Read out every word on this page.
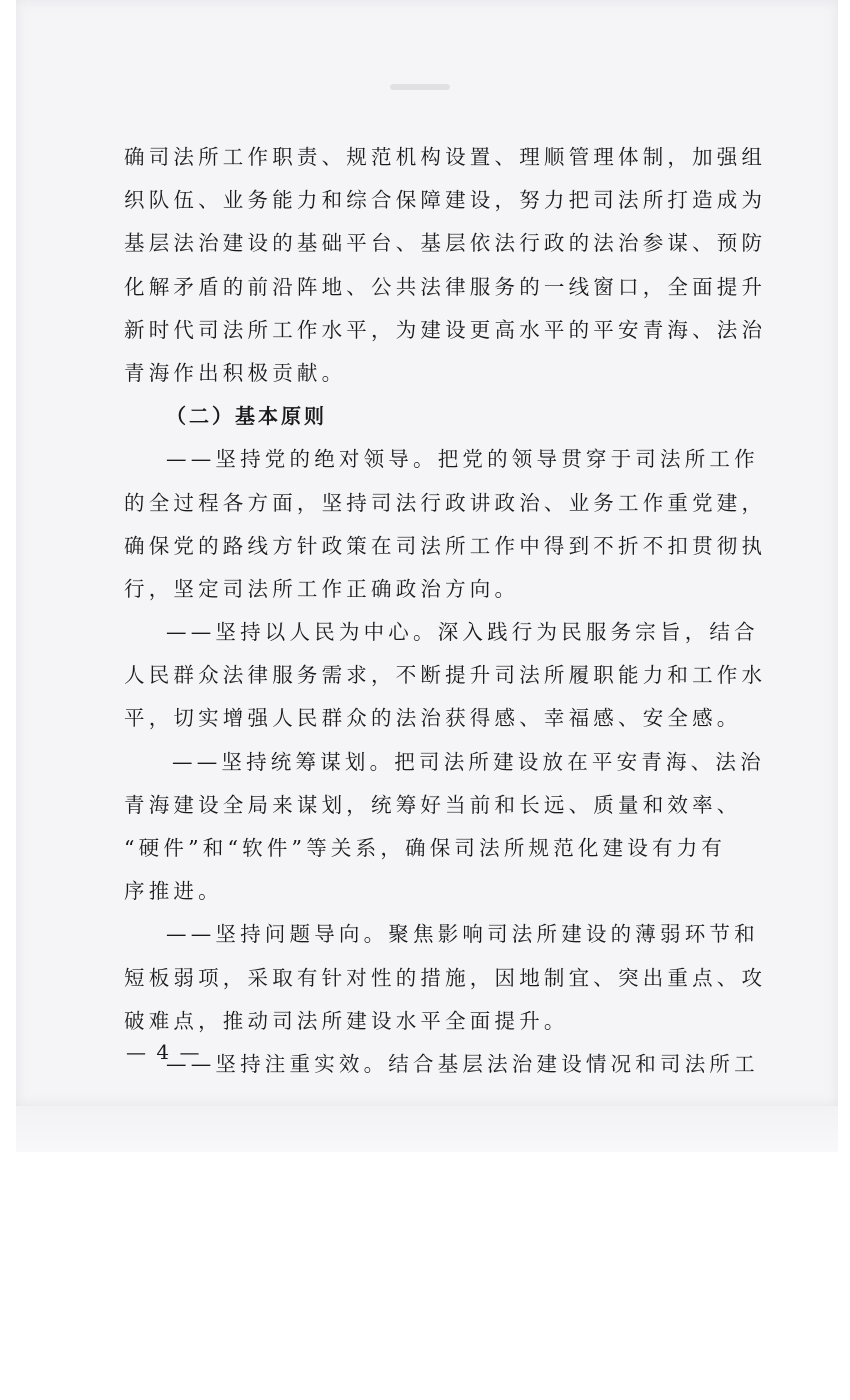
确司法所工作职责、规范机构设置、理顺管理体制，加强组
织队伍、业务能力和综合保障建设，努力把司法所打造成为
基层法治建设的基础平台、基层依法行政的法治参谋、预防
化解矛盾的前沿阵地、公共法律服务的一线窗口，全面提升
新时代司法所工作水平，为建设更高水平的平安青海、法治
青海作出积极贡献。
（二）基本原则
——坚持党的绝对领导。把党的领导贯穿于司法所工作
的全过程各方面，坚持司法行政讲政治、业务工作重党建，
确保党的路线方针政策在司法所工作中得到不折不扣贯彻执
行，坚定司法所工作正确政治方向。
——坚持以人民为中心。深入践行为民服务宗旨，结合
人民群众法律服务需求，不断提升司法所履职能力和工作水
平，切实增强人民群众的法治获得感、幸福感、安全感。
——坚持统筹谋划。把司法所建设放在平安青海、法治
青海建设全局来谋划，统筹好当前和长远、质量和效率、
“硬件”和“软件”等关系，确保司法所规范化建设有力有
序推进。
——坚持问题导向。聚焦影响司法所建设的薄弱环节和
短板弱项，采取有针对性的措施，因地制宜、突出重点、攻
破难点，推动司法所建设水平全面提升。
——坚持注重实效。结合基层法治建设情况和司法所工
— 4 —
